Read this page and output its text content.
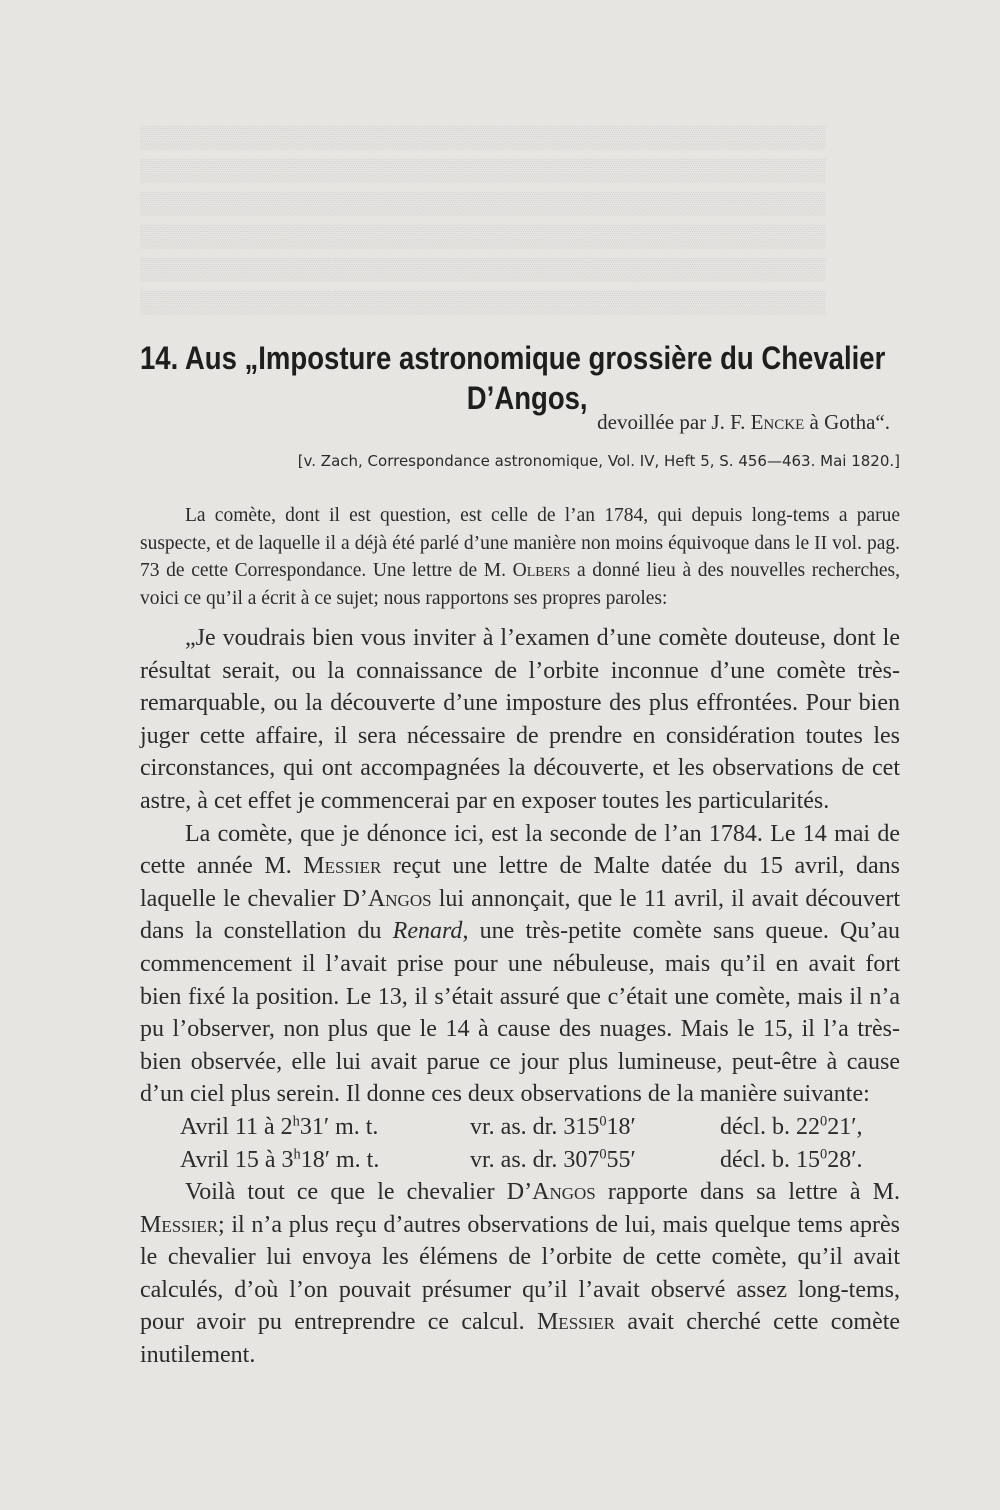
▒▒▒▒▒▒▒▒▒▒▒▒▒▒▒▒▒▒▒▒▒▒▒▒▒▒▒▒▒▒▒▒▒▒▒▒▒▒▒▒▒▒▒▒
▒▒▒▒▒▒▒▒▒▒▒▒▒▒▒▒▒▒▒▒▒▒▒▒▒▒▒▒▒▒▒▒▒▒▒▒▒▒▒▒▒▒▒▒
▒▒▒▒▒▒▒▒▒▒▒▒▒▒▒▒▒▒▒▒▒▒▒▒▒▒▒▒▒▒▒▒▒▒▒▒▒▒▒▒▒▒▒▒
▒▒▒▒▒▒▒▒▒▒▒▒▒▒▒▒▒▒▒▒▒▒▒▒▒▒▒▒▒▒▒▒▒▒▒▒▒▒▒▒▒▒▒▒
▒▒▒▒▒▒▒▒▒▒▒▒▒▒▒▒▒▒▒▒▒▒▒▒▒▒▒▒▒▒▒▒▒▒▒▒▒▒▒▒▒▒▒▒
▒▒▒▒▒▒▒▒▒▒▒▒▒▒▒▒▒▒▒▒▒▒▒▒▒▒▒▒▒▒▒▒▒▒▒▒▒▒▒▒▒▒▒▒
14. Aus „Imposture astronomique grossière du Chevalier
D’Angos,
devoillée par J. F. Encke à Gotha“.
[v. Zach, Correspondance astronomique, Vol. IV, Heft 5, S. 456—463. Mai 1820.]

La comète, dont il est question, est celle de l’an 1784, qui depuis long-tems a parue suspecte, et de laquelle il a déjà été parlé d’une manière non moins équivoque dans le II vol. pag. 73 de cette Correspondance. Une lettre de M. Olbers a donné lieu à des nouvelles recherches, voici ce qu’il a écrit à ce sujet; nous rapportons ses propres paroles:

„Je voudrais bien vous inviter à l’examen d’une comète douteuse, dont le résultat serait, ou la connaissance de l’orbite inconnue d’une comète très-remarquable, ou la découverte d’une imposture des plus effrontées. Pour bien juger cette affaire, il sera nécessaire de prendre en considération toutes les circonstances, qui ont accompagnées la découverte, et les observations de cet astre, à cet effet je commencerai par en exposer toutes les particularités.

La comète, que je dénonce ici, est la seconde de l’an 1784. Le 14 mai de cette année M. Messier reçut une lettre de Malte datée du 15 avril, dans laquelle le chevalier D’Angos lui annonçait, que le 11 avril, il avait découvert dans la constellation du Renard, une très-petite comète sans queue. Qu’au commencement il l’avait prise pour une nébuleuse, mais qu’il en avait fort bien fixé la position. Le 13, il s’était assuré que c’était une comète, mais il n’a pu l’observer, non plus que le 14 à cause des nuages. Mais le 15, il l’a très-bien observée, elle lui avait parue ce jour plus lumineuse, peut-être à cause d’un ciel plus serein. Il donne ces deux observations de la manière suivante:

Avril 11 à 2$^h$31′ m. t.	vr. as. dr. $315^018'$	décl. b. $22^021'$,
Avril 15 à 3$^h$18′ m. t.	vr. as. dr. $307^055'$	décl. b. $15^028'$.

Voilà tout ce que le chevalier D’Angos rapporte dans sa lettre à M. Messier; il n’a plus reçu d’autres observations de lui, mais quelque tems après le chevalier lui envoya les élémens de l’orbite de cette comète, qu’il avait calculés, d’où l’on pouvait présumer qu’il l’avait observé assez long-tems, pour avoir pu entreprendre ce calcul. Messier avait cherché cette comète inutilement.
